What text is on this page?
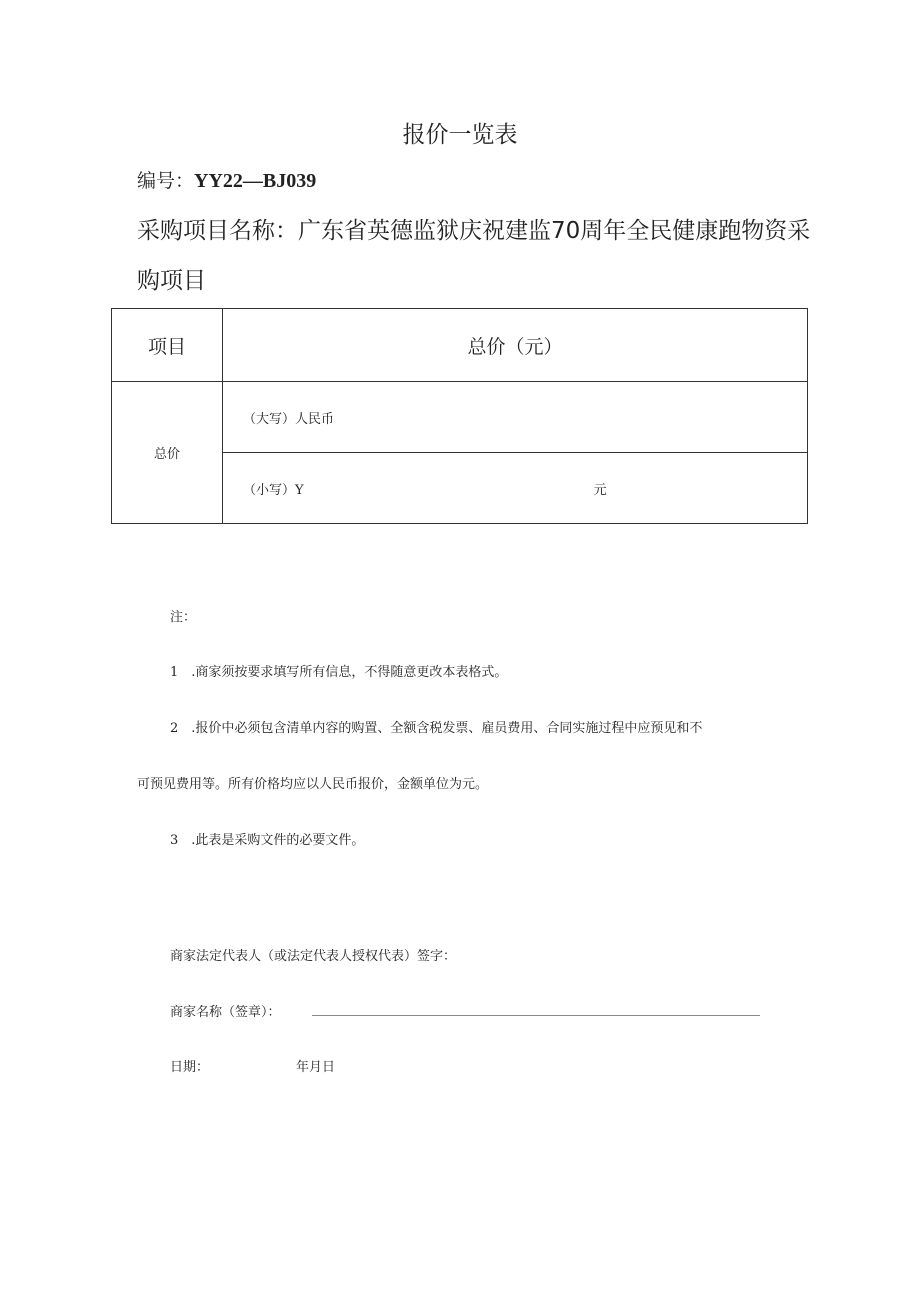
报价一览表
编号：YY22—BJ039
采购项目名称：广东省英德监狱庆祝建监70周年全民健康跑物资采购项目
项目	总价（元）
总价	（大写）人民币
	（小写）Y 元
注：
1　.商家须按要求填写所有信息，不得随意更改本表格式。
2　.报价中必须包含清单内容的购置、全额含税发票、雇员费用、合同实施过程中应预见和不
可预见费用等。所有价格均应以人民币报价，金额单位为元。
3　.此表是采购文件的必要文件。
商家法定代表人（或法定代表人授权代表）签字：
商家名称（签章）：
日期：	年月日
